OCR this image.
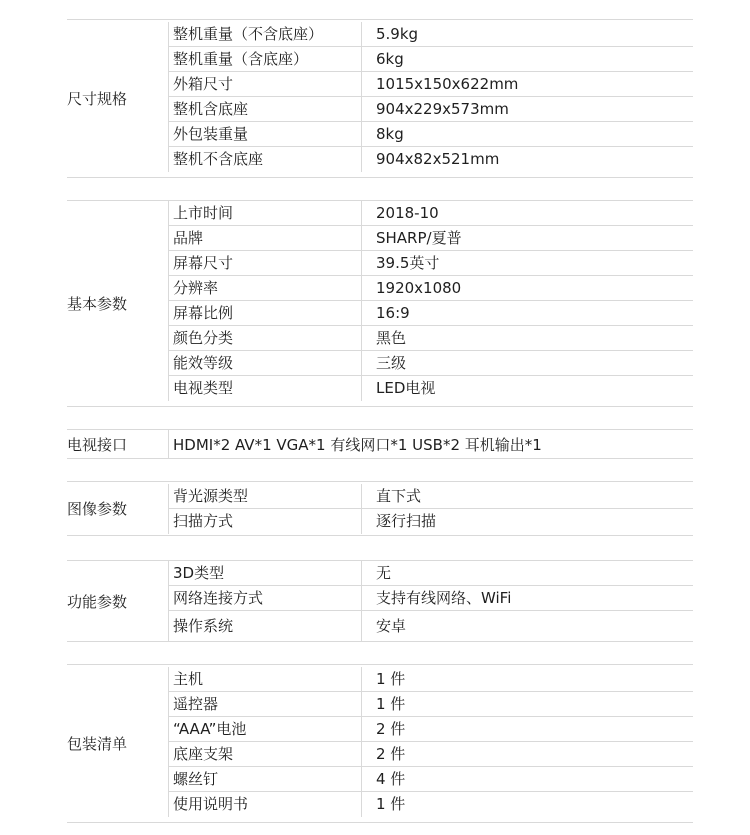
尺寸规格
整机重量（不含底座）	5.9kg
整机重量（含底座）	6kg
外箱尺寸	1015x150x622mm
整机含底座	904x229x573mm
外包装重量	8kg
整机不含底座	904x82x521mm
基本参数
上市时间	2018-10
品牌	SHARP/夏普
屏幕尺寸	39.5英寸
分辨率	1920x1080
屏幕比例	16:9
颜色分类	黑色
能效等级	三级
电视类型	LED电视
电视接口	HDMI*2 AV*1 VGA*1 有线网口*1 USB*2 耳机输出*1
图像参数
背光源类型	直下式
扫描方式	逐行扫描
功能参数
3D类型	无
网络连接方式	支持有线网络、WiFi
操作系统	安卓
包装清单
主机	1 件
遥控器	1 件
“AAA”电池	2 件
底座支架	2 件
螺丝钉	4 件
使用说明书	1 件
